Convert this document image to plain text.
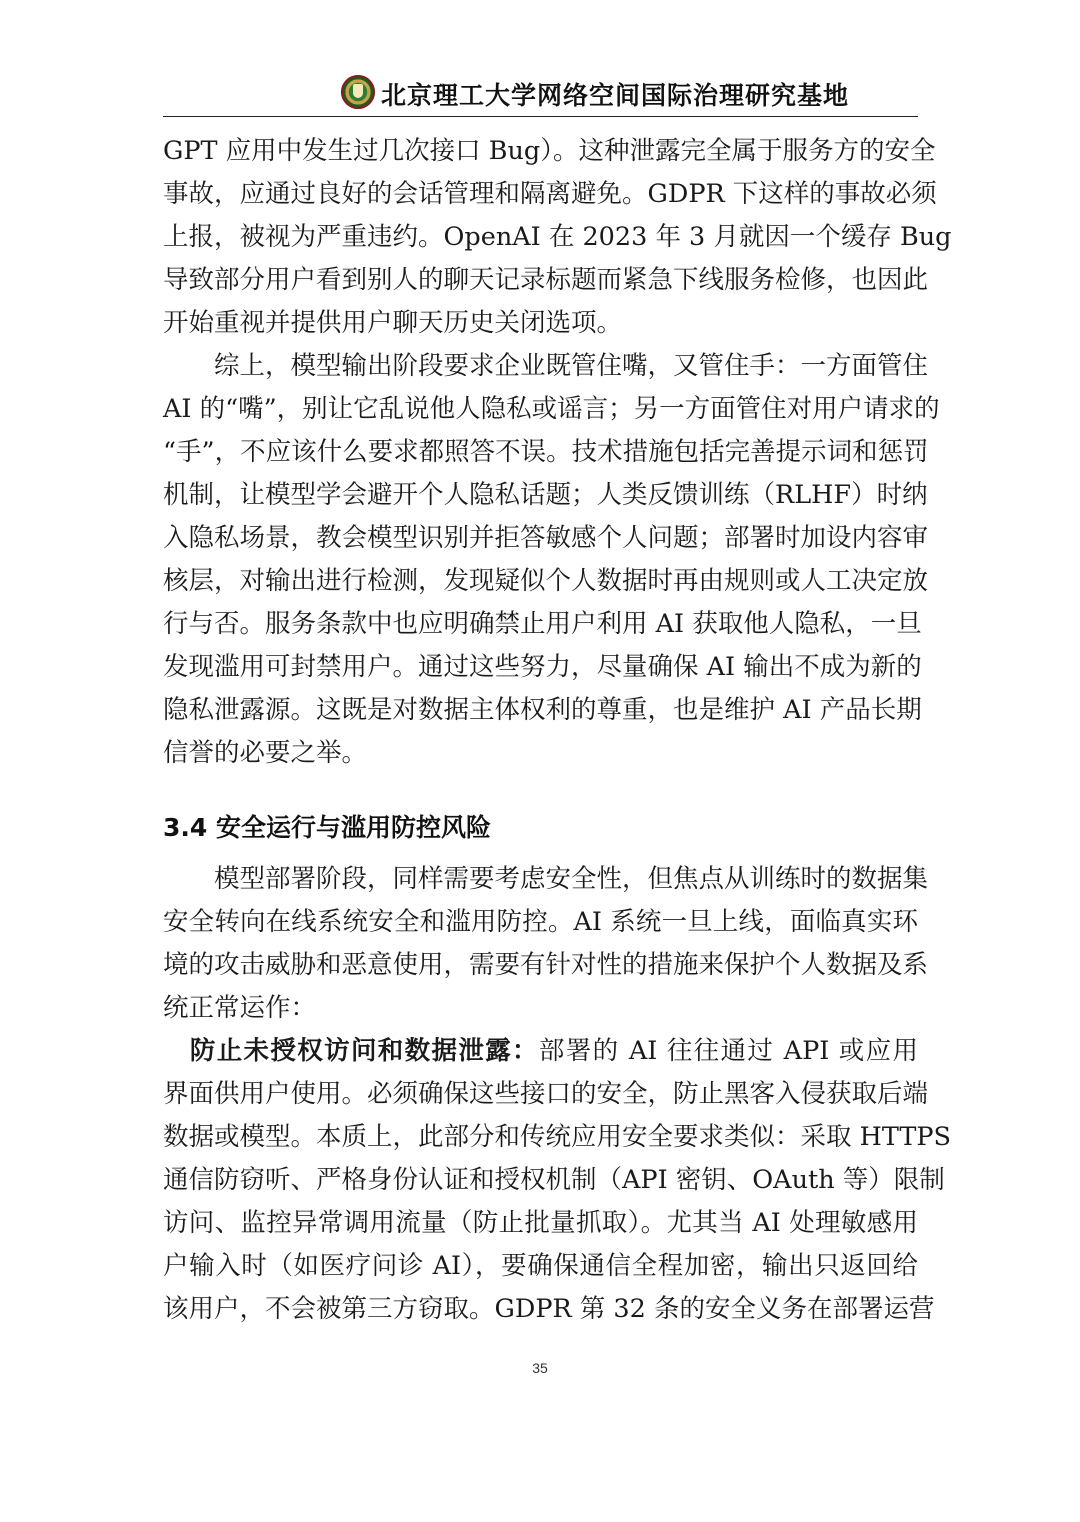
北京理工大学网络空间国际治理研究基地
GPT 应用中发生过几次接口 Bug）。这种泄露完全属于服务方的安全
事故，应通过良好的会话管理和隔离避免。GDPR 下这样的事故必须
上报，被视为严重违约。OpenAI 在 2023 年 3 月就因一个缓存 Bug
导致部分用户看到别人的聊天记录标题而紧急下线服务检修，也因此
开始重视并提供用户聊天历史关闭选项。
　　综上，模型输出阶段要求企业既管住嘴，又管住手：一方面管住
AI 的“嘴”，别让它乱说他人隐私或谣言；另一方面管住对用户请求的
“手”，不应该什么要求都照答不误。技术措施包括完善提示词和惩罚
机制，让模型学会避开个人隐私话题；人类反馈训练（RLHF）时纳
入隐私场景，教会模型识别并拒答敏感个人问题；部署时加设内容审
核层，对输出进行检测，发现疑似个人数据时再由规则或人工决定放
行与否。服务条款中也应明确禁止用户利用 AI 获取他人隐私，一旦
发现滥用可封禁用户。通过这些努力，尽量确保 AI 输出不成为新的
隐私泄露源。这既是对数据主体权利的尊重，也是维护 AI 产品长期
信誉的必要之举。
3.4 安全运行与滥用防控风险
　　模型部署阶段，同样需要考虑安全性，但焦点从训练时的数据集
安全转向在线系统安全和滥用防控。AI 系统一旦上线，面临真实环
境的攻击威胁和恶意使用，需要有针对性的措施来保护个人数据及系
统正常运作：
　防止未授权访问和数据泄露：部署的 AI 往往通过 API 或应用
界面供用户使用。必须确保这些接口的安全，防止黑客入侵获取后端
数据或模型。本质上，此部分和传统应用安全要求类似：采取 HTTPS
通信防窃听、严格身份认证和授权机制（API 密钥、OAuth 等）限制
访问、监控异常调用流量（防止批量抓取）。尤其当 AI 处理敏感用
户输入时（如医疗问诊 AI），要确保通信全程加密，输出只返回给
该用户，不会被第三方窃取。GDPR 第 32 条的安全义务在部署运营
35
